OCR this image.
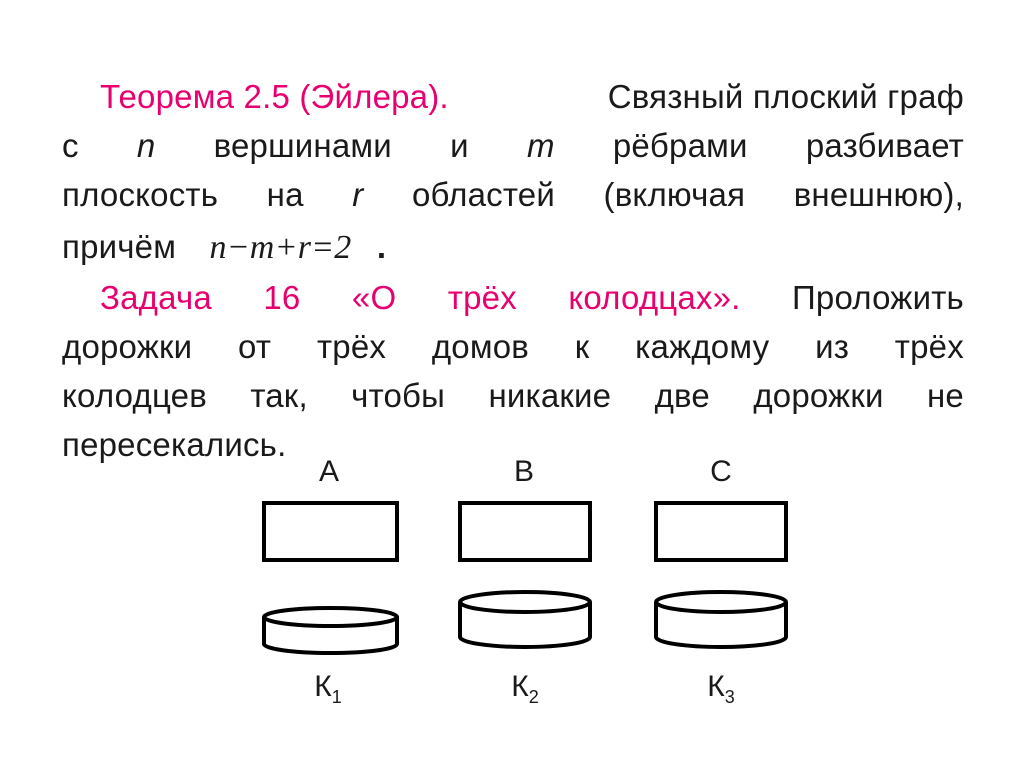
Теорема 2.5 (Эйлера).	Связный плоский граф
с n вершинами и m рёбрами разбивает
плоскость на r областей (включая внешнюю),
причём n−m+r=2 .
Задача 16 «О трёх колодцах». Проложить
дорожки от трёх домов к каждому из трёх
колодцев так, чтобы никакие две дорожки не
пересекались.
A	B	C
$К_1$	$К_2$	$К_3$
